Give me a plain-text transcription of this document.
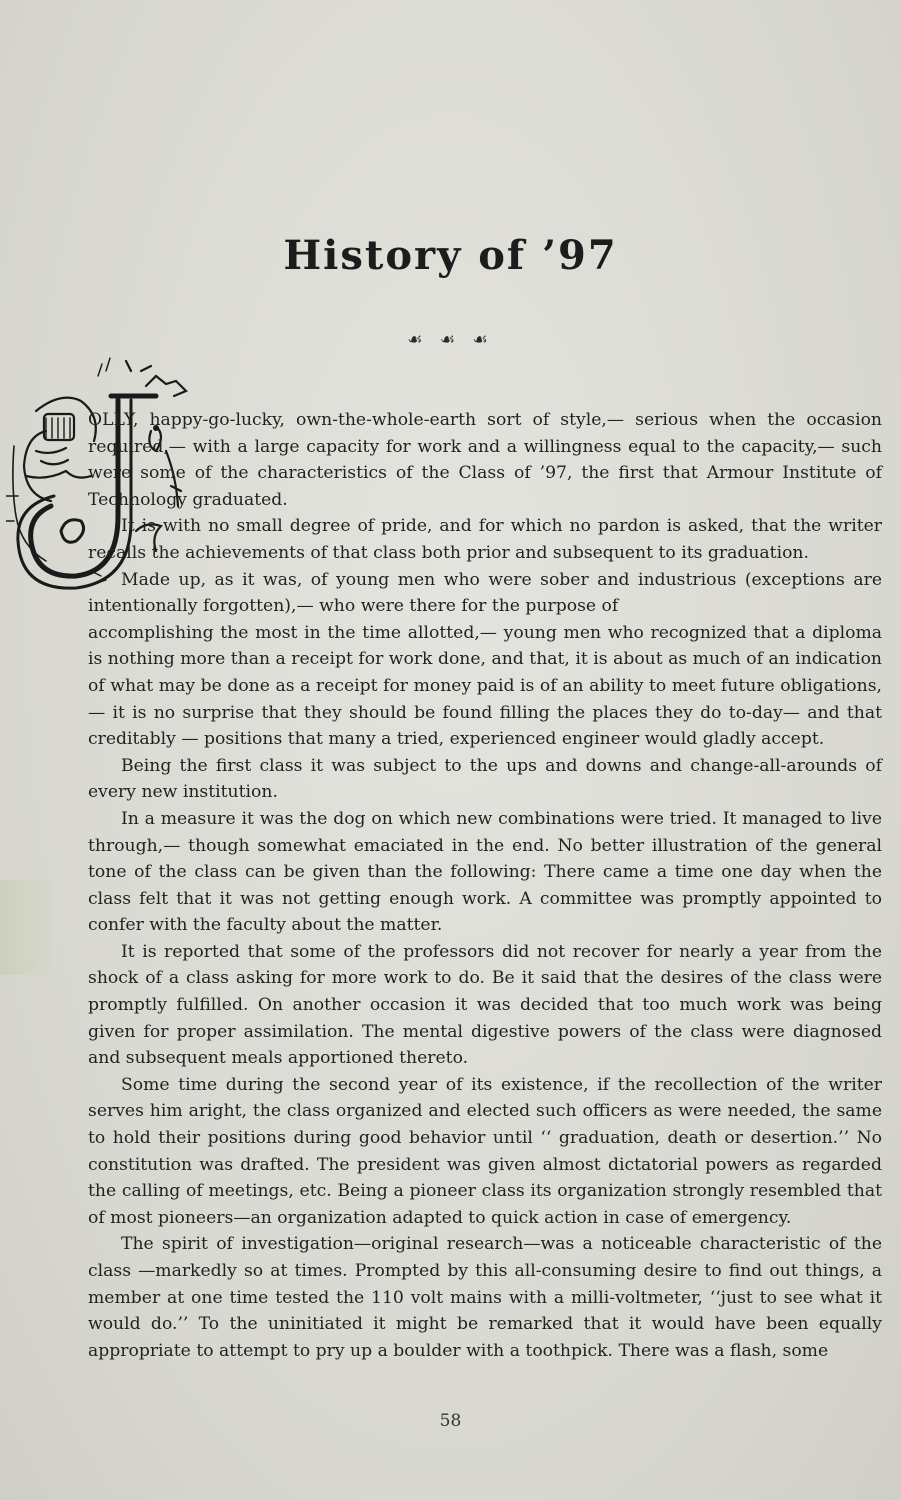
History of ’97
☙ ☙ ☙

OLLY, happy-go-lucky, own-the-whole-earth sort of style,— serious when the occasion required,— with a large capacity for work and a willingness equal to the capacity,— such were some of the characteristics of the Class of ’97, the first that Armour Institute of Technology graduated.

It is with no small degree of pride, and for which no pardon is asked, that the writer recalls the achievements of that class both prior and subsequent to its graduation.

Made up, as it was, of young men who were sober and industrious (exceptions are intentionally forgotten),— who were there for the purpose of

accomplishing the most in the time allotted,— young men who recognized that a diploma is nothing more than a receipt for work done, and that, it is about as much of an indication of what may be done as a receipt for money paid is of an ability to meet future obligations,— it is no surprise that they should be found filling the places they do to-day— and that creditably — positions that many a tried, experienced engineer would gladly accept.

Being the first class it was subject to the ups and downs and change-all-arounds of every new institution.

In a measure it was the dog on which new combinations were tried. It managed to live through,— though somewhat emaciated in the end. No better illustration of the general tone of the class can be given than the following: There came a time one day when the class felt that it was not getting enough work. A committee was promptly appointed to confer with the faculty about the matter.

It is reported that some of the professors did not recover for nearly a year from the shock of a class asking for more work to do. Be it said that the desires of the class were promptly fulfilled. On another occasion it was decided that too much work was being given for proper assimilation. The mental digestive powers of the class were diagnosed and subsequent meals apportioned thereto.

Some time during the second year of its existence, if the recollection of the writer serves him aright, the class organized and elected such officers as were needed, the same to hold their positions during good behavior until ‘‘ graduation, death or desertion.’’ No constitution was drafted. The president was given almost dictatorial powers as regarded the calling of meetings, etc. Being a pioneer class its organization strongly resembled that of most pioneers—an organization adapted to quick action in case of emergency.

The spirit of investigation—original research—was a noticeable characteristic of the class —markedly so at times. Prompted by this all-consuming desire to find out things, a member at one time tested the 110 volt mains with a milli-voltmeter, ‘‘just to see what it would do.’’ To the uninitiated it might be remarked that it would have been equally appropriate to attempt to pry up a boulder with a toothpick. There was a flash, some

58
